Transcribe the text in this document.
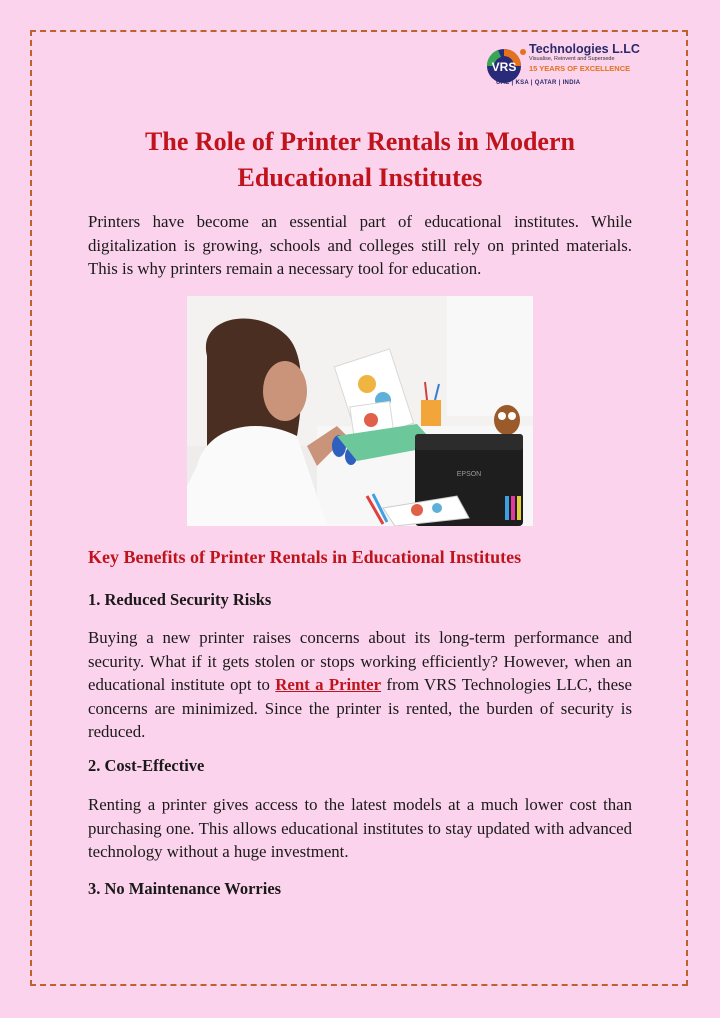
VRS
Technologies L.LC
Visualise, Reinvent and Supersede
15 YEARS OF EXCELLENCE
UAE | KSA | QATAR | INDIA
The Role of Printer Rentals in Modern Educational Institutes

Printers have become an essential part of educational institutes. While digitalization is growing, schools and colleges still rely on printed materials. This is why printers remain a necessary tool for education.

EPSON
Key Benefits of Printer Rentals in Educational Institutes
1. Reduced Security Risks

Buying a new printer raises concerns about its long-term performance and security. What if it gets stolen or stops working efficiently? However, when an educational institute opt to Rent a Printer from VRS Technologies LLC, these concerns are minimized. Since the printer is rented, the burden of security is reduced.

2. Cost-Effective

Renting a printer gives access to the latest models at a much lower cost than purchasing one. This allows educational institutes to stay updated with advanced technology without a huge investment.

3. No Maintenance Worries
